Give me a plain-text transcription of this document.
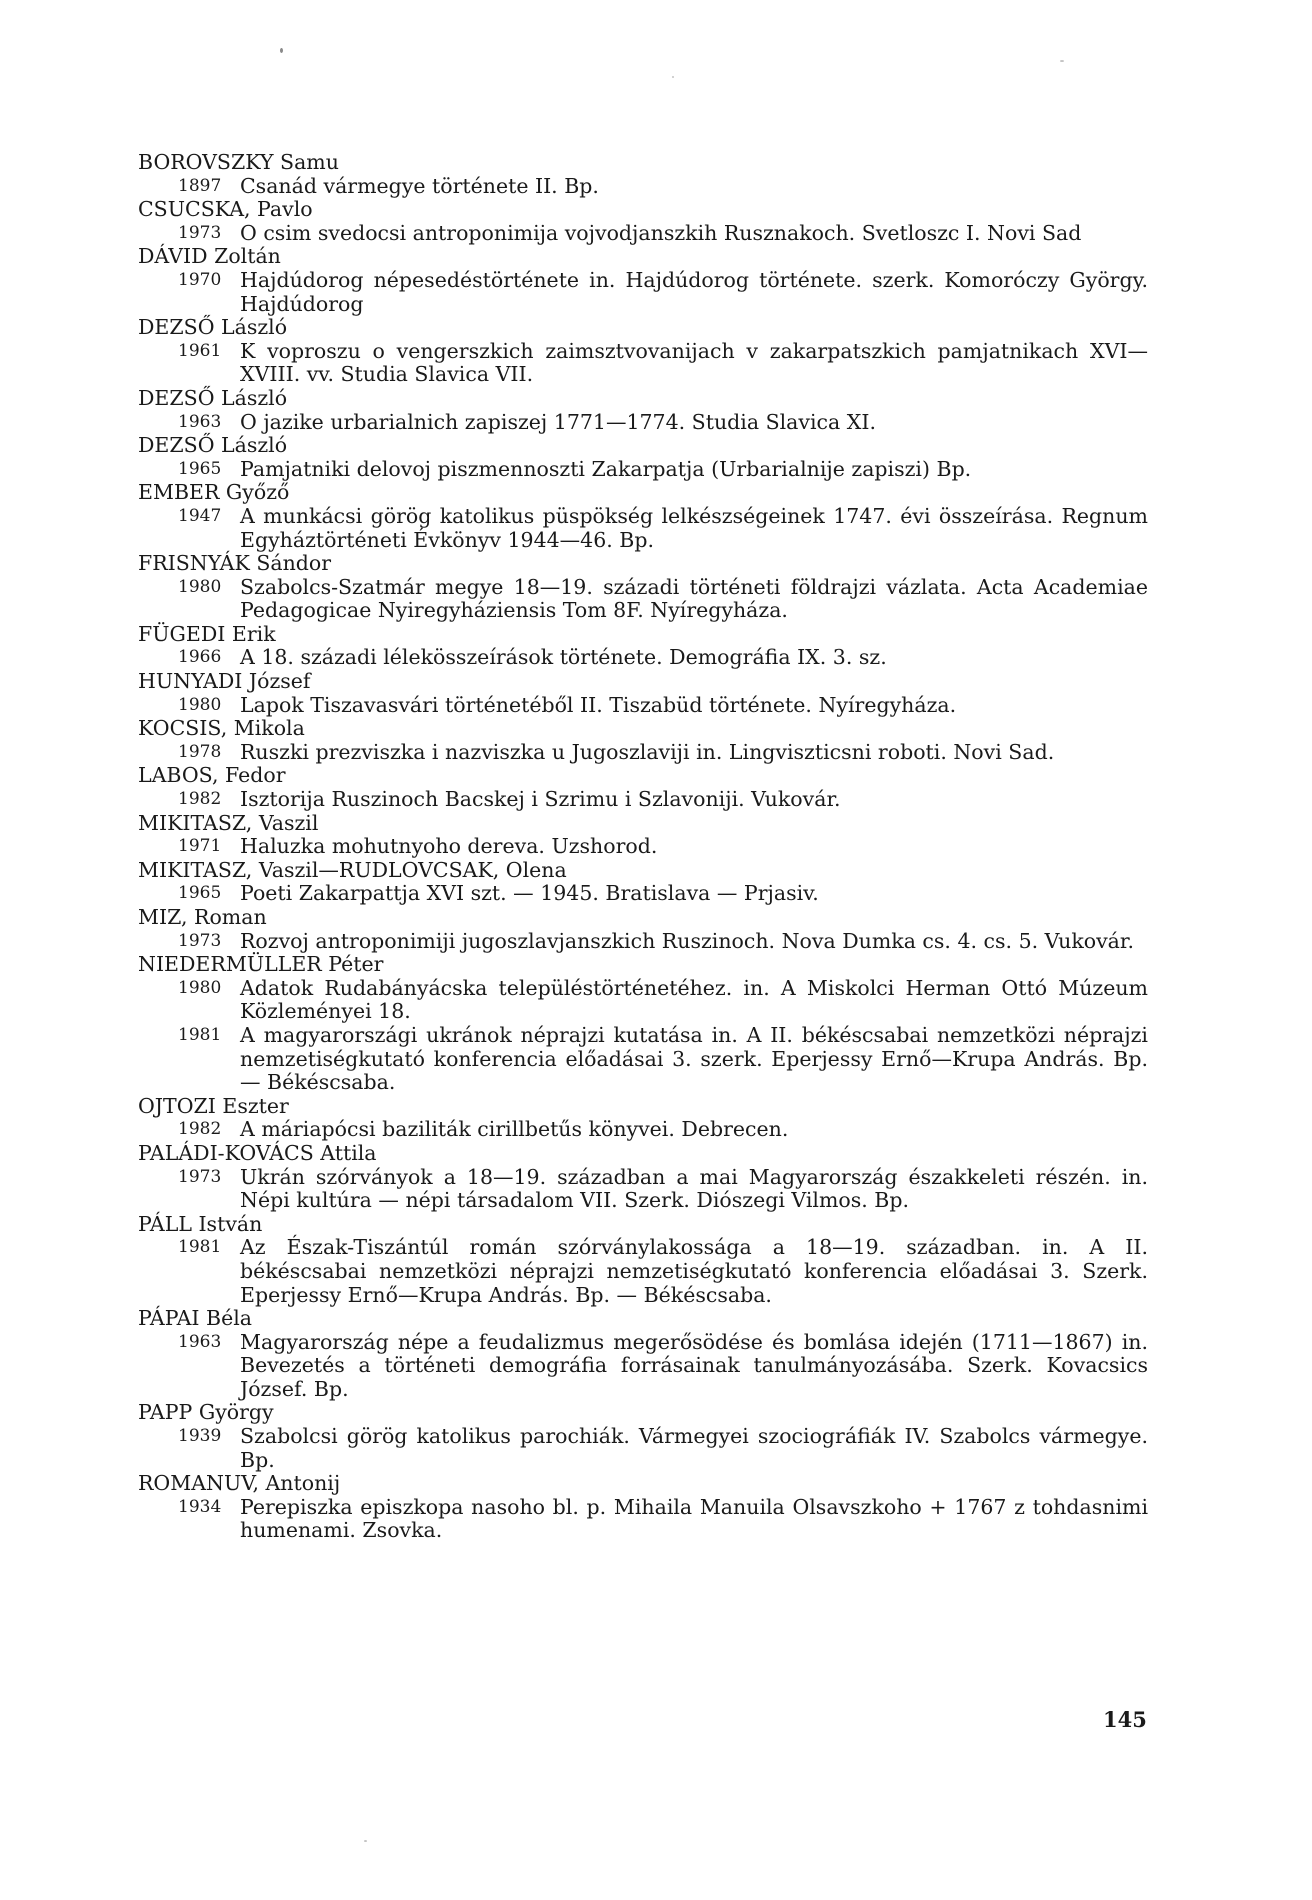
BOROVSZKY Samu
1897 Csanád vármegye története II. Bp.
CSUCSKA, Pavlo
1973 O csim svedocsi antroponimija vojvodjanszkih Rusznakoch. Svetloszc I. Novi Sad
DÁVID Zoltán
1970 Hajdúdorog népesedéstörténete in. Hajdúdorog története. szerk. Komoróczy György. Hajdúdorog
DEZSŐ László
1961 K voproszu o vengerszkich zaimsztvovanijach v zakarpatszkich pamjatnikach XVI—XVIII. vv. Studia Slavica VII.
DEZSŐ László
1963 O jazike urbarialnich zapiszej 1771—1774. Studia Slavica XI.
DEZSŐ László
1965 Pamjatniki delovoj piszmennoszti Zakarpatja (Urbarialnije zapiszi) Bp.
EMBER Győző
1947 A munkácsi görög katolikus püspökség lelkészségeinek 1747. évi összeírása. Regnum Egyháztörténeti Évkönyv 1944—46. Bp.
FRISNYÁK Sándor
1980 Szabolcs-Szatmár megye 18—19. századi történeti földrajzi vázlata. Acta Academiae Pedagogicae Nyiregyháziensis Tom 8F. Nyíregyháza.
FÜGEDI Erik
1966 A 18. századi lélekösszeírások története. Demográfia IX. 3. sz.
HUNYADI József
1980 Lapok Tiszavasvári történetéből II. Tiszabüd története. Nyíregyháza.
KOCSIS, Mikola
1978 Ruszki prezviszka i nazviszka u Jugoszlaviji in. Lingviszticsni roboti. Novi Sad.
LABOS, Fedor
1982 Isztorija Ruszinoch Bacskej i Szrimu i Szlavoniji. Vukovár.
MIKITASZ, Vaszil
1971 Haluzka mohutnyoho dereva. Uzshorod.
MIKITASZ, Vaszil—RUDLOVCSAK, Olena
1965 Poeti Zakarpattja XVI szt. — 1945. Bratislava — Prjasiv.
MIZ, Roman
1973 Rozvoj antroponimiji jugoszlavjanszkich Ruszinoch. Nova Dumka cs. 4. cs. 5. Vukovár.
NIEDERMÜLLER Péter
1980 Adatok Rudabányácska településtörténetéhez. in. A Miskolci Herman Ottó Múzeum Közleményei 18.
1981 A magyarországi ukránok néprajzi kutatása in. A II. békéscsabai nemzetközi néprajzi nemzetiségkutató konferencia előadásai 3. szerk. Eperjessy Ernő—Krupa András. Bp. — Békéscsaba.
OJTOZI Eszter
1982 A máriapócsi baziliták cirillbetűs könyvei. Debrecen.
PALÁDI-KOVÁCS Attila
1973 Ukrán szórványok a 18—19. században a mai Magyarország északkeleti részén. in. Népi kultúra — népi társadalom VII. Szerk. Diószegi Vilmos. Bp.
PÁLL István
1981 Az Észak-Tiszántúl román szórványlakossága a 18—19. században. in. A II. békéscsabai nemzetközi néprajzi nemzetiségkutató konferencia előadásai 3. Szerk. Eperjessy Ernő—Krupa András. Bp. — Békéscsaba.
PÁPAI Béla
1963 Magyarország népe a feudalizmus megerősödése és bomlása idején (1711—1867) in. Bevezetés a történeti demográfia forrásainak tanulmányozásába. Szerk. Kovacsics József. Bp.
PAPP György
1939 Szabolcsi görög katolikus parochiák. Vármegyei szociográfiák IV. Szabolcs vármegye. Bp.
ROMANUV, Antonij
1934 Perepiszka episzkopa nasoho bl. p. Mihaila Manuila Olsavszkoho + 1767 z tohdasnimi humenami. Zsovka.
145
